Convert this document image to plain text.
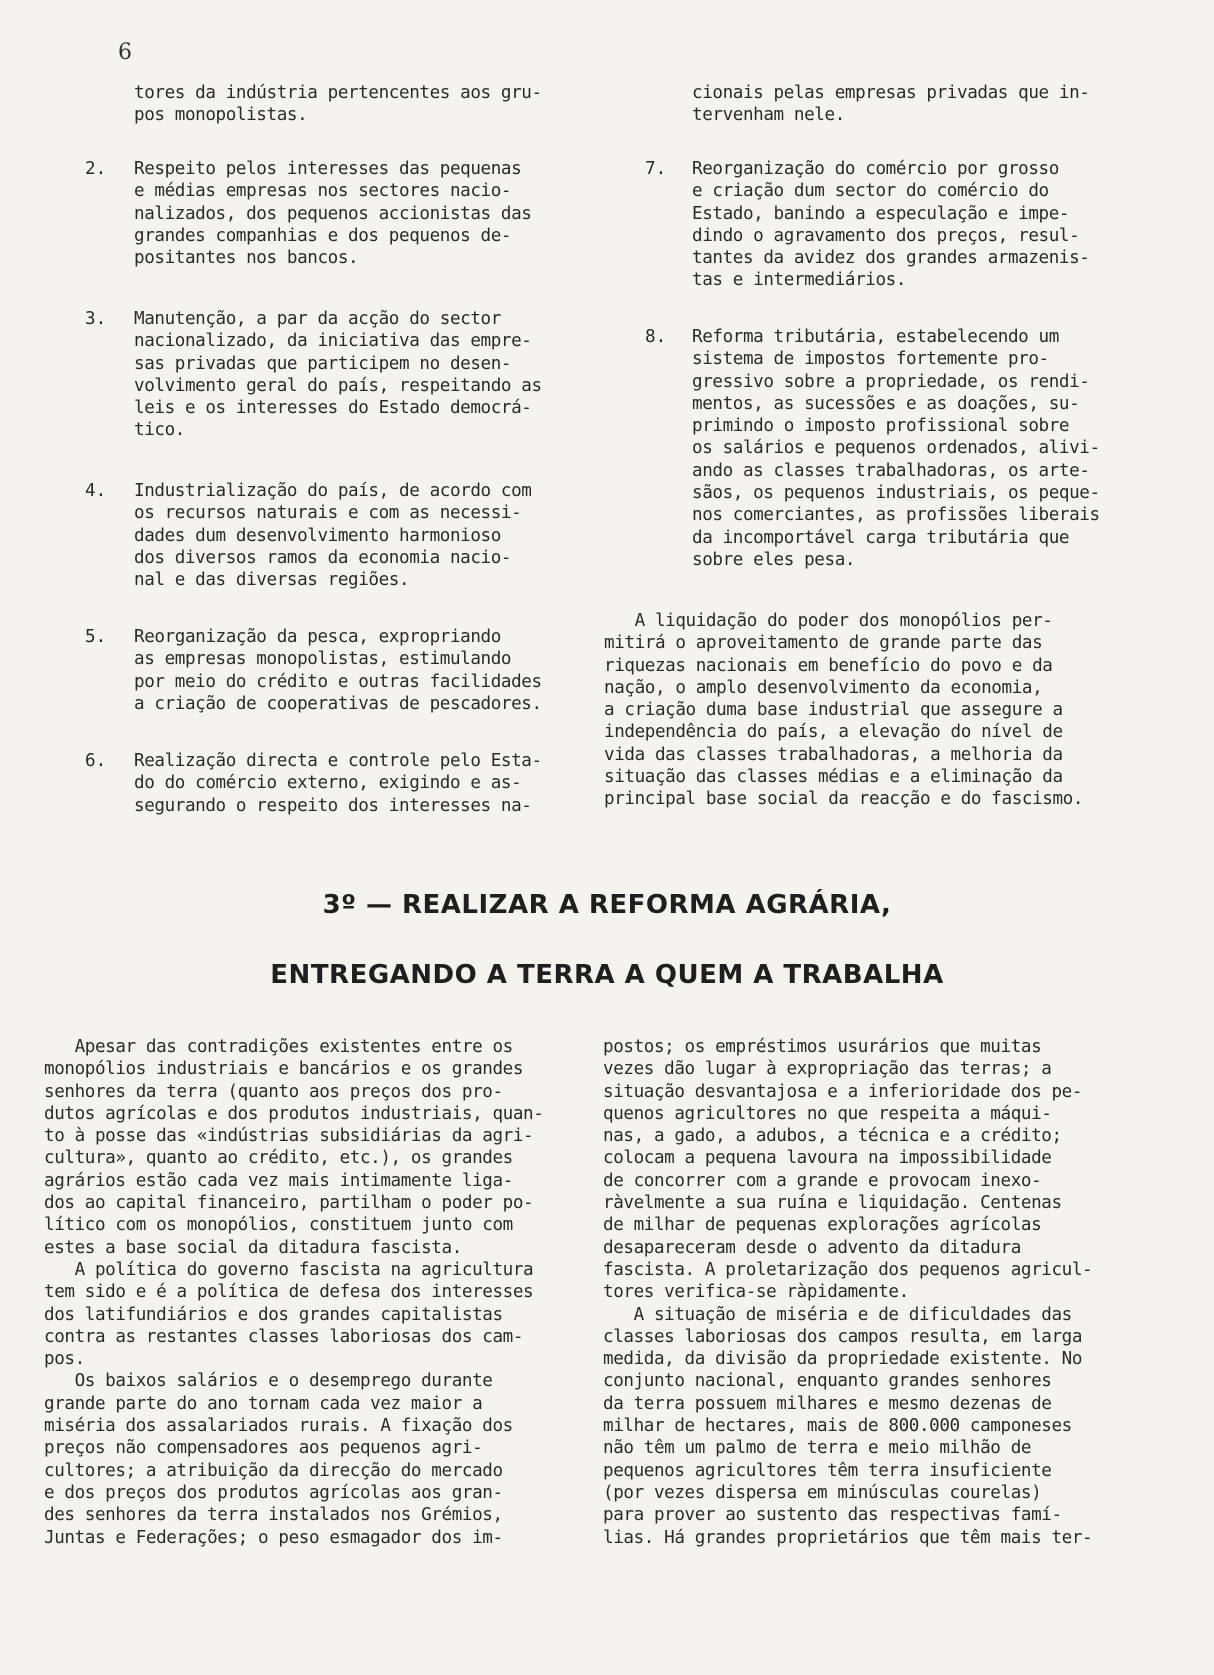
6
tores da indústria pertencentes aos gru-
pos monopolistas.
2. Respeito pelos interesses das pequenas
e médias empresas nos sectores nacio-
nalizados, dos pequenos accionistas das
grandes companhias e dos pequenos de-
positantes nos bancos.
3. Manutenção, a par da acção do sector
nacionalizado, da iniciativa das empre-
sas privadas que participem no desen-
volvimento geral do país, respeitando as
leis e os interesses do Estado democrá-
tico.
4. Industrialização do país, de acordo com
os recursos naturais e com as necessi-
dades dum desenvolvimento harmonioso
dos diversos ramos da economia nacio-
nal e das diversas regiões.
5. Reorganização da pesca, expropriando
as empresas monopolistas, estimulando
por meio do crédito e outras facilidades
a criação de cooperativas de pescadores.
6. Realização directa e controle pelo Esta-
do do comércio externo, exigindo e as-
segurando o respeito dos interesses na-
cionais pelas empresas privadas que in-
tervenham nele.
7. Reorganização do comércio por grosso
e criação dum sector do comércio do
Estado, banindo a especulação e impe-
dindo o agravamento dos preços, resul-
tantes da avidez dos grandes armazenis-
tas e intermediários.
8. Reforma tributária, estabelecendo um
sistema de impostos fortemente pro-
gressivo sobre a propriedade, os rendi-
mentos, as sucessões e as doações, su-
primindo o imposto profissional sobre
os salários e pequenos ordenados, alivi-
ando as classes trabalhadoras, os arte-
sãos, os pequenos industriais, os peque-
nos comerciantes, as profissões liberais
da incomportável carga tributária que
sobre eles pesa.
A liquidação do poder dos monopólios per-
mitirá o aproveitamento de grande parte das
riquezas nacionais em benefício do povo e da
nação, o amplo desenvolvimento da economia,
a criação duma base industrial que assegure a
independência do país, a elevação do nível de
vida das classes trabalhadoras, a melhoria da
situação das classes médias e a eliminação da
principal base social da reacção e do fascismo.
3º — REALIZAR A REFORMA AGRÁRIA,
ENTREGANDO A TERRA A QUEM A TRABALHA
Apesar das contradições existentes entre os
monopólios industriais e bancários e os grandes
senhores da terra (quanto aos preços dos pro-
dutos agrícolas e dos produtos industriais, quan-
to à posse das «indústrias subsidiárias da agri-
cultura», quanto ao crédito, etc.), os grandes
agrários estão cada vez mais intimamente liga-
dos ao capital financeiro, partilham o poder po-
lítico com os monopólios, constituem junto com
estes a base social da ditadura fascista.
A política do governo fascista na agricultura
tem sido e é a política de defesa dos interesses
dos latifundiários e dos grandes capitalistas
contra as restantes classes laboriosas dos cam-
pos.
Os baixos salários e o desemprego durante
grande parte do ano tornam cada vez maior a
miséria dos assalariados rurais. A fixação dos
preços não compensadores aos pequenos agri-
cultores; a atribuição da direcção do mercado
e dos preços dos produtos agrícolas aos gran-
des senhores da terra instalados nos Grémios,
Juntas e Federações; o peso esmagador dos im-
postos; os empréstimos usurários que muitas
vezes dão lugar à expropriação das terras; a
situação desvantajosa e a inferioridade dos pe-
quenos agricultores no que respeita a máqui-
nas, a gado, a adubos, a técnica e a crédito;
colocam a pequena lavoura na impossibilidade
de concorrer com a grande e provocam inexo-
ràvelmente a sua ruína e liquidação. Centenas
de milhar de pequenas explorações agrícolas
desapareceram desde o advento da ditadura
fascista. A proletarização dos pequenos agricul-
tores verifica-se ràpidamente.
A situação de miséria e de dificuldades das
classes laboriosas dos campos resulta, em larga
medida, da divisão da propriedade existente. No
conjunto nacional, enquanto grandes senhores
da terra possuem milhares e mesmo dezenas de
milhar de hectares, mais de 800.000 camponeses
não têm um palmo de terra e meio milhão de
pequenos agricultores têm terra insuficiente
(por vezes dispersa em minúsculas courelas)
para prover ao sustento das respectivas famí-
lias. Há grandes proprietários que têm mais ter-
